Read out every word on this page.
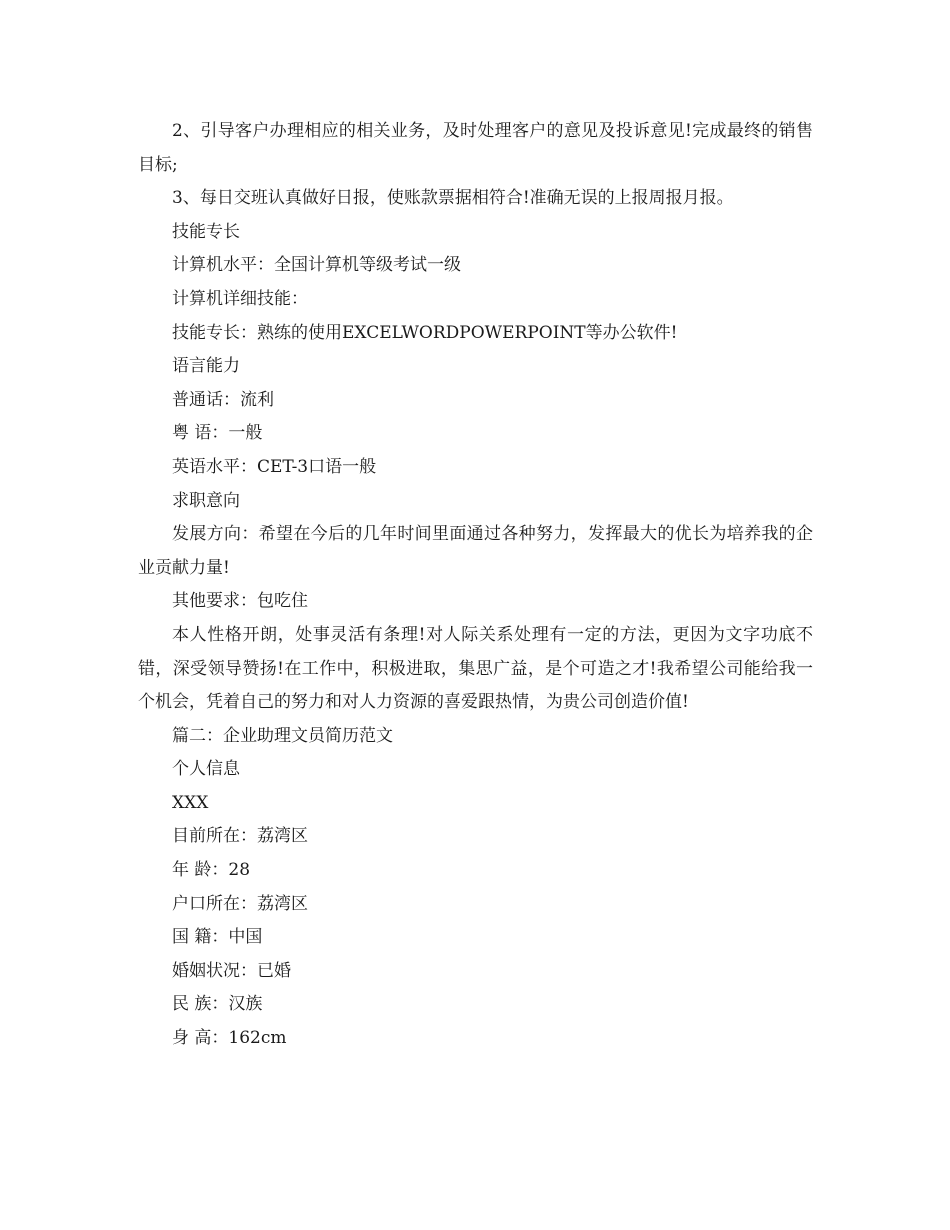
2、引导客户办理相应的相关业务，及时处理客户的意见及投诉意见!完成最终的销售目标;

3、每日交班认真做好日报，使账款票据相符合!准确无误的上报周报月报。

技能专长

计算机水平：全国计算机等级考试一级

计算机详细技能：

技能专长：熟练的使用EXCELWORDPOWERPOINT等办公软件!

语言能力

普通话：流利

粤 语：一般

英语水平：CET-3口语一般

求职意向

发展方向：希望在今后的几年时间里面通过各种努力，发挥最大的优长为培养我的企业贡献力量!

其他要求：包吃住

本人性格开朗，处事灵活有条理!对人际关系处理有一定的方法，更因为文字功底不错，深受领导赞扬!在工作中，积极进取，集思广益，是个可造之才!我希望公司能给我一个机会，凭着自己的努力和对人力资源的喜爱跟热情，为贵公司创造价值!

篇二：企业助理文员简历范文

个人信息

XXX

目前所在：荔湾区

年 龄：28

户口所在：荔湾区

国 籍：中国

婚姻状况：已婚

民 族：汉族

身 高：162cm
